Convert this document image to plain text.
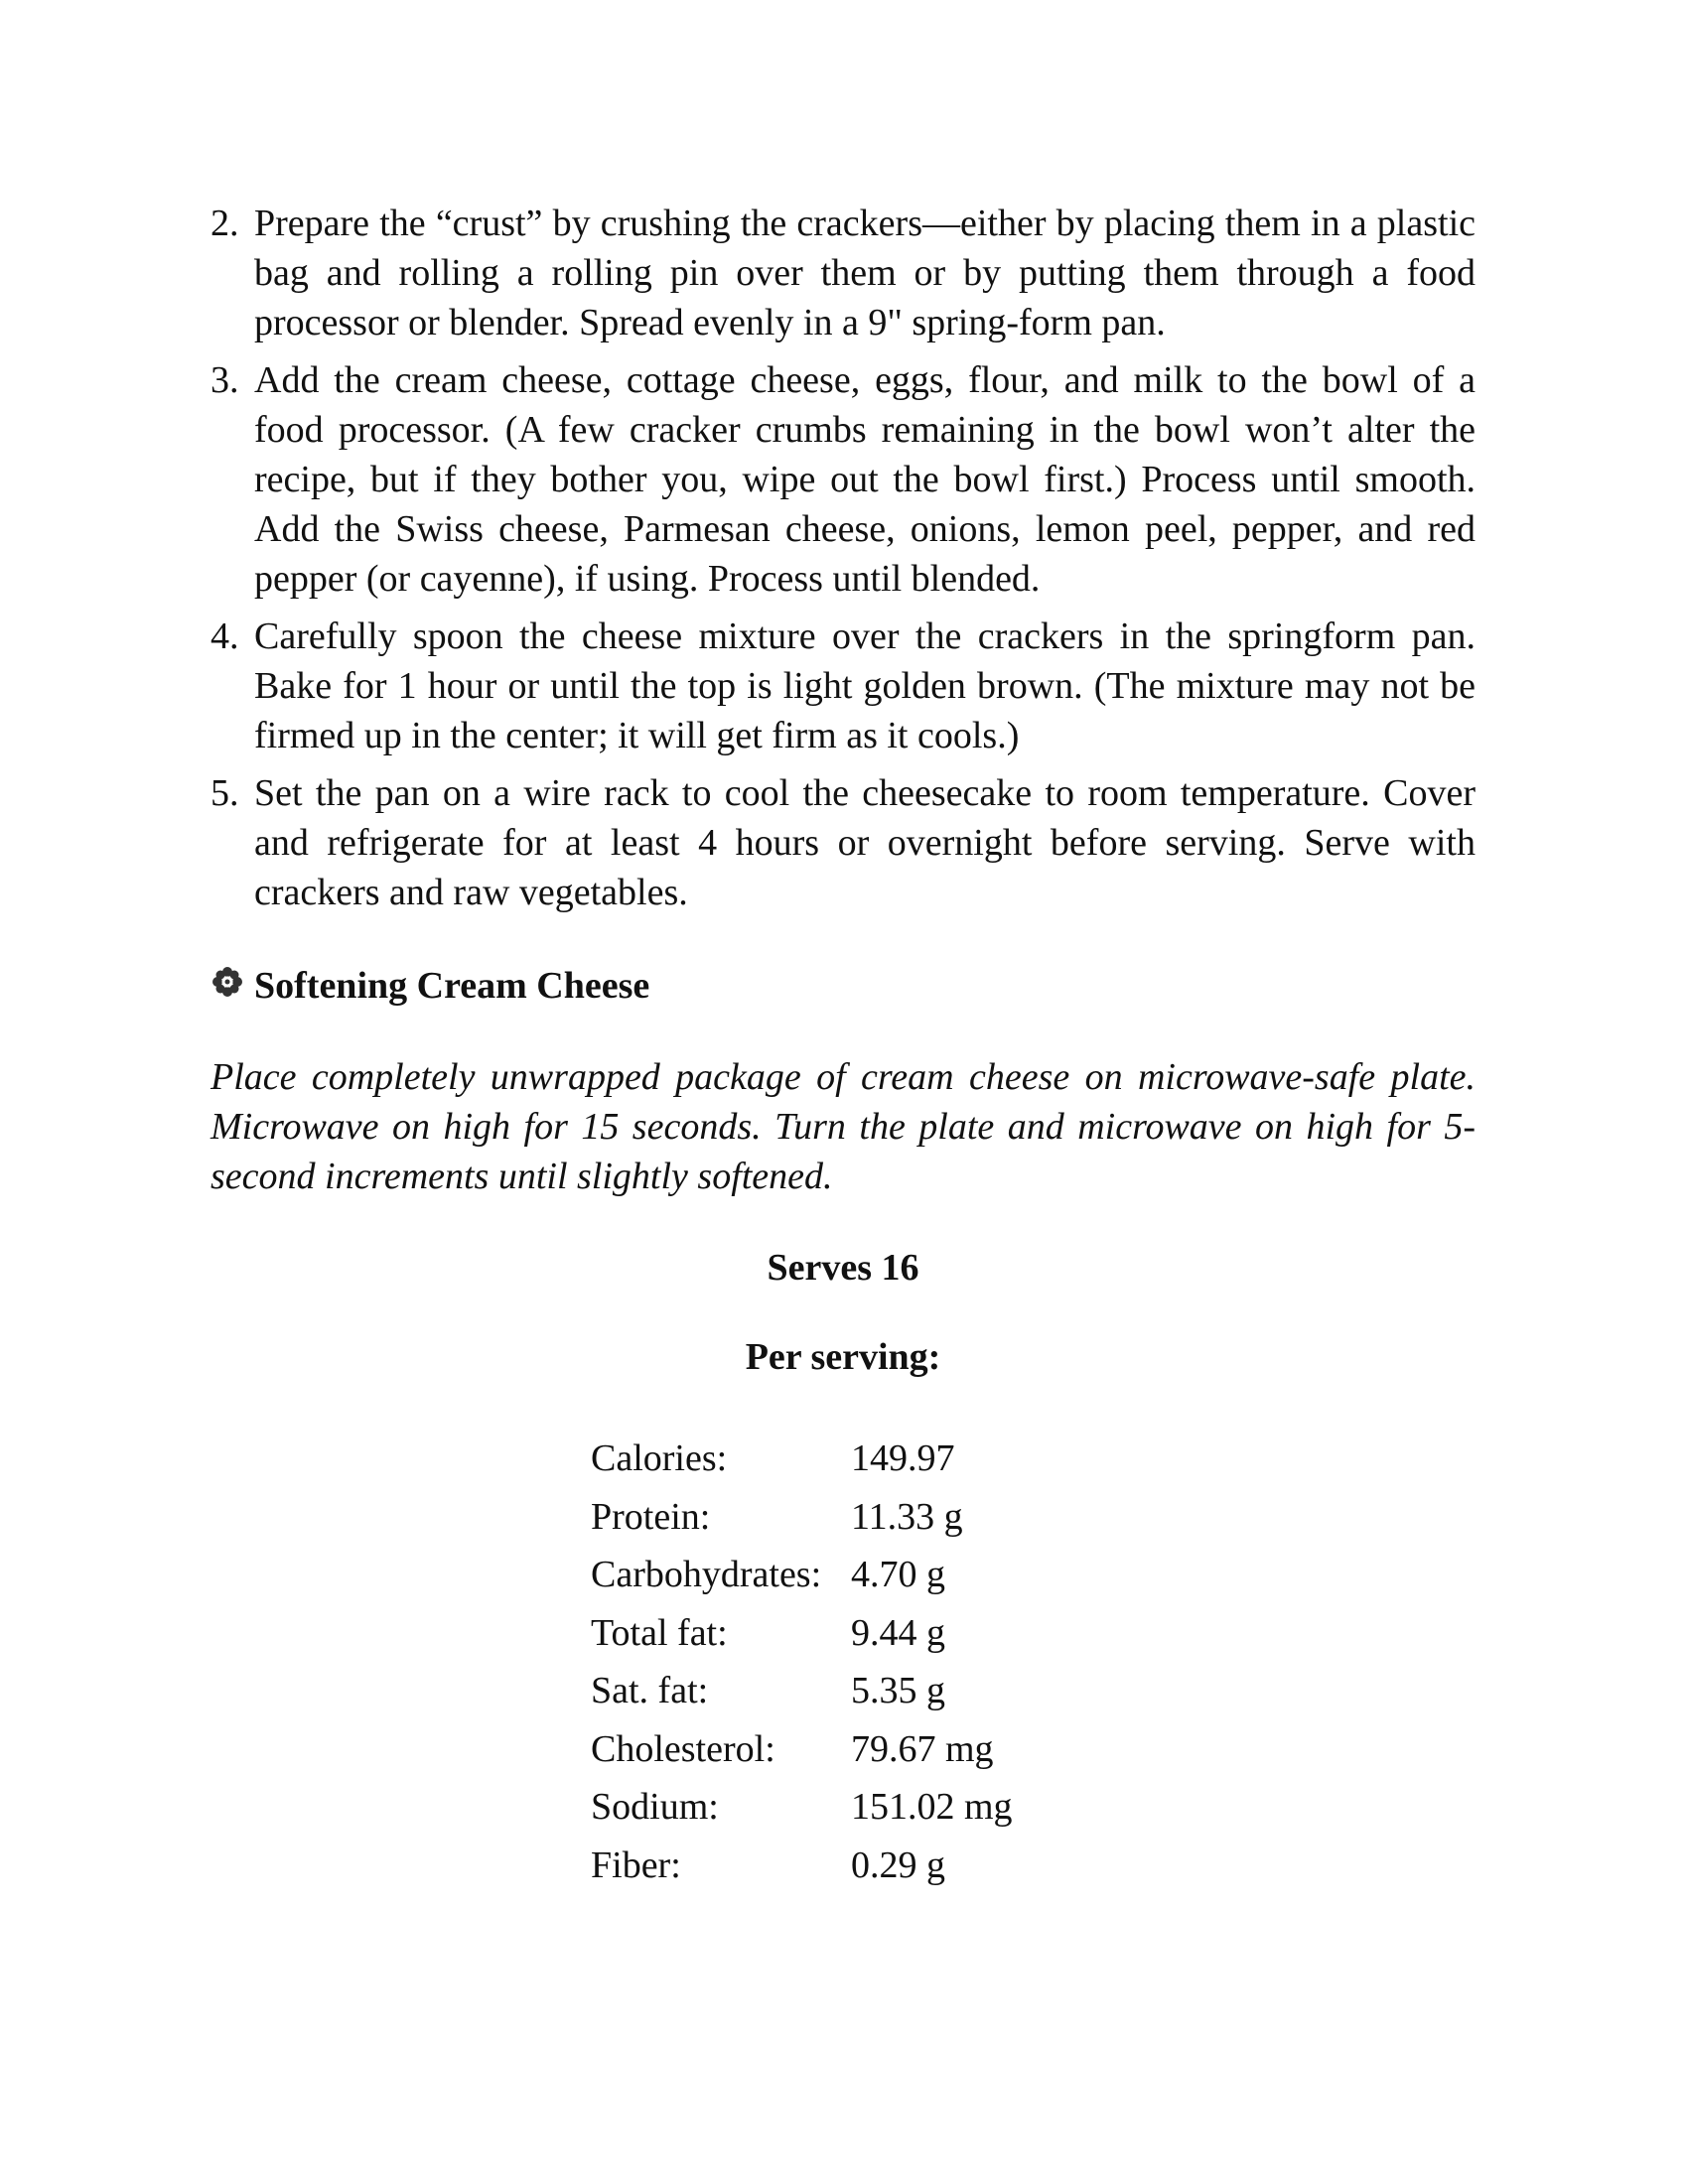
2. Prepare the “crust” by crushing the crackers—either by placing them in a plastic bag and rolling a rolling pin over them or by putting them through a food processor or blender. Spread evenly in a 9" spring-form pan.
3. Add the cream cheese, cottage cheese, eggs, flour, and milk to the bowl of a food processor. (A few cracker crumbs remaining in the bowl won’t alter the recipe, but if they bother you, wipe out the bowl first.) Process until smooth. Add the Swiss cheese, Parmesan cheese, onions, lemon peel, pepper, and red pepper (or cayenne), if using. Process until blended.
4. Carefully spoon the cheese mixture over the crackers in the springform pan. Bake for 1 hour or until the top is light golden brown. (The mixture may not be firmed up in the center; it will get firm as it cools.)
5. Set the pan on a wire rack to cool the cheesecake to room temperature. Cover and refrigerate for at least 4 hours or overnight before serving. Serve with crackers and raw vegetables.
Softening Cream Cheese

Place completely unwrapped package of cream cheese on microwave-safe plate. Microwave on high for 15 seconds. Turn the plate and microwave on high for 5-second increments until slightly softened.

Serves 16
Per serving:
Calories:	149.97
Protein:	11.33 g
Carbohydrates:	4.70 g
Total fat:	9.44 g
Sat. fat:	5.35 g
Cholesterol:	79.67 mg
Sodium:	151.02 mg
Fiber:	0.29 g
